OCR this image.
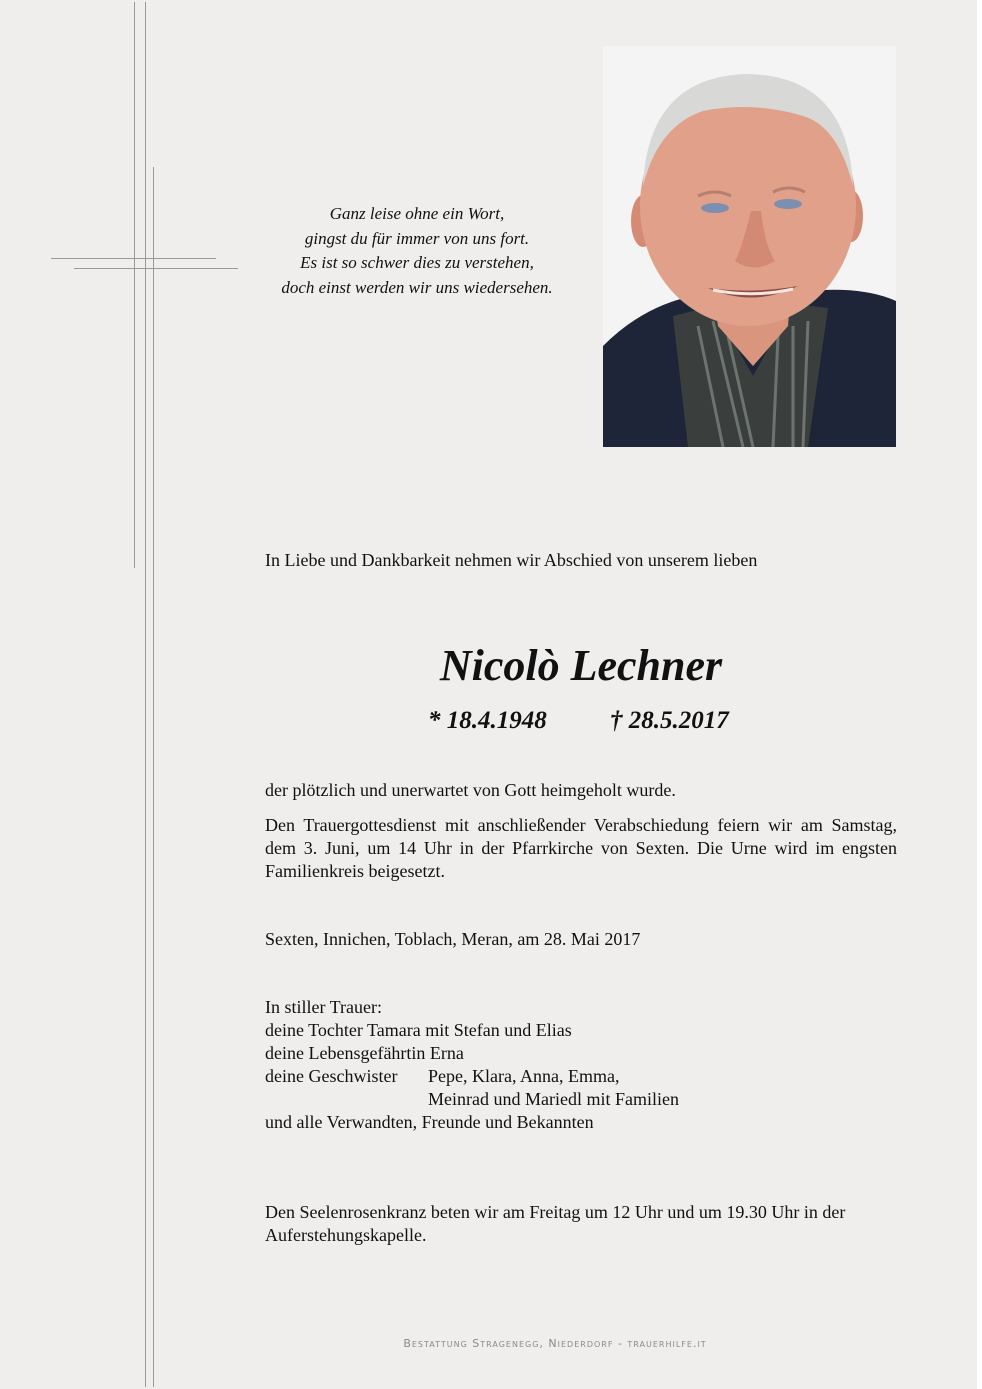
Ganz leise ohne ein Wort,
gingst du für immer von uns fort.
Es ist so schwer dies zu verstehen,
doch einst werden wir uns wiedersehen.
In Liebe und Dankbarkeit nehmen wir Abschied von unserem lieben
Nicolò Lechner
* 18.4.1948	† 28.5.2017
der plötzlich und unerwartet von Gott heimgeholt wurde.
Den Trauergottesdienst mit anschließender Verabschiedung feiern wir am Samstag, dem 3. Juni, um 14 Uhr in der Pfarrkirche von Sexten. Die Urne wird im engsten Familienkreis beigesetzt.
Sexten, Innichen, Toblach, Meran, am 28. Mai 2017
In stiller Trauer:
deine Tochter Tamara mit Stefan und Elias
deine Lebensgefährtin Erna
deine Geschwister	Pepe, Klara, Anna, Emma,
Meinrad und Mariedl mit Familien
und alle Verwandten, Freunde und Bekannten
Den Seelenrosenkranz beten wir am Freitag um 12 Uhr und um 19.30 Uhr in der Auferstehungskapelle.
Bestattung Stragenegg, Niederdorf - trauerhilfe.it
